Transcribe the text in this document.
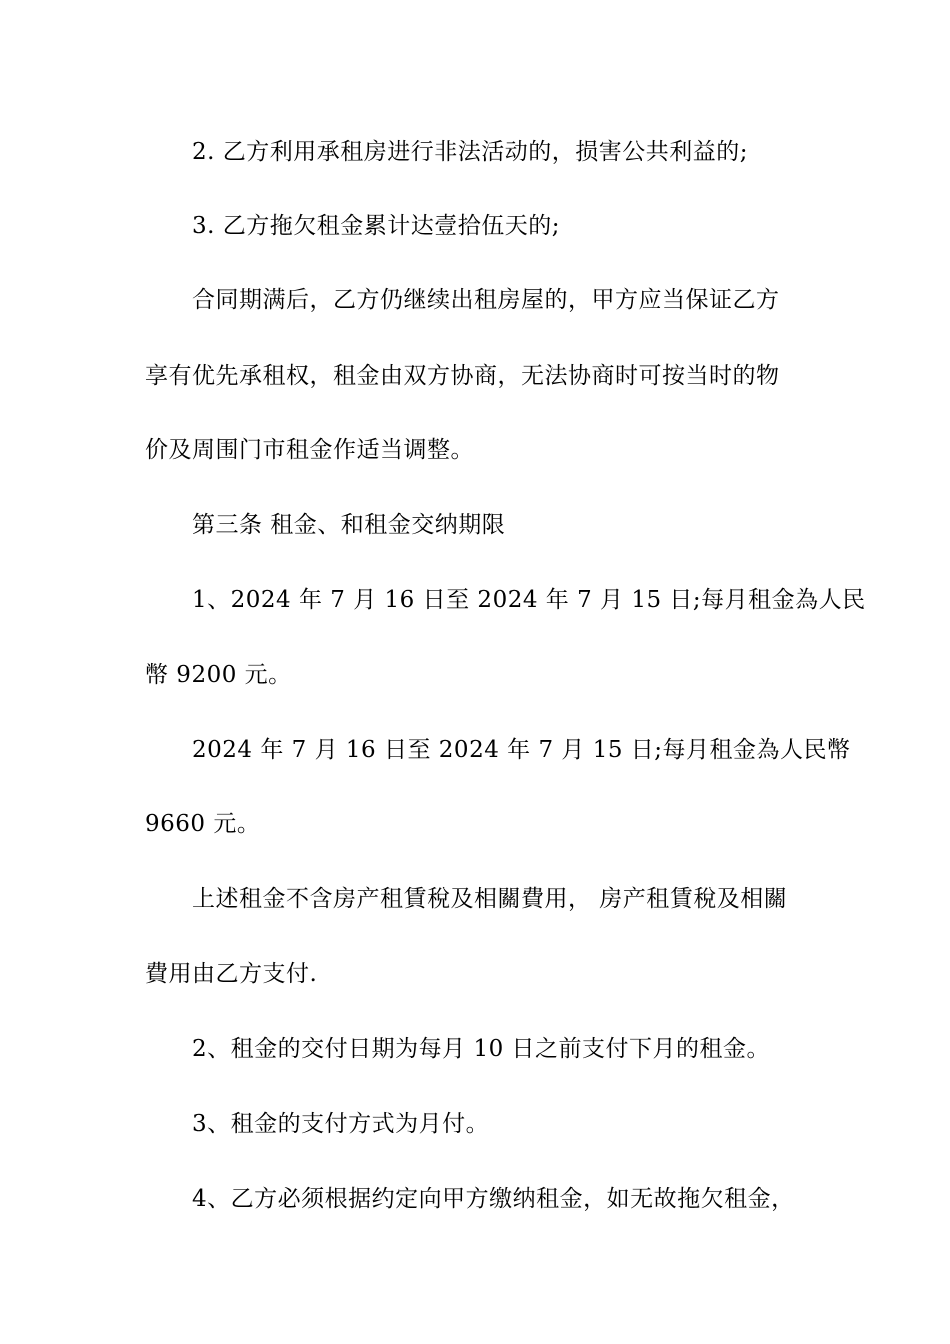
2. 乙方利用承租房进行非法活动的，损害公共利益的;
3. 乙方拖欠租金累计达壹拾伍天的;
合同期满后，乙方仍继续出租房屋的，甲方应当保证乙方
享有优先承租权，租金由双方协商，无法协商时可按当时的物
价及周围门市租金作适当调整。
第三条 租金、和租金交纳期限
1、2024 年 7 月 16 日至 2024 年 7 月 15 日;每月租金為人民
幣 9200 元。
2024 年 7 月 16 日至 2024 年 7 月 15 日;每月租金為人民幣
9660 元。
上述租金不含房产租賃稅及相關費用， 房产租賃稅及相關
費用由乙方支付.
2、租金的交付日期为每月 10 日之前支付下月的租金。
3、租金的支付方式为月付。
4、乙方必须根据约定向甲方缴纳租金，如无故拖欠租金，
